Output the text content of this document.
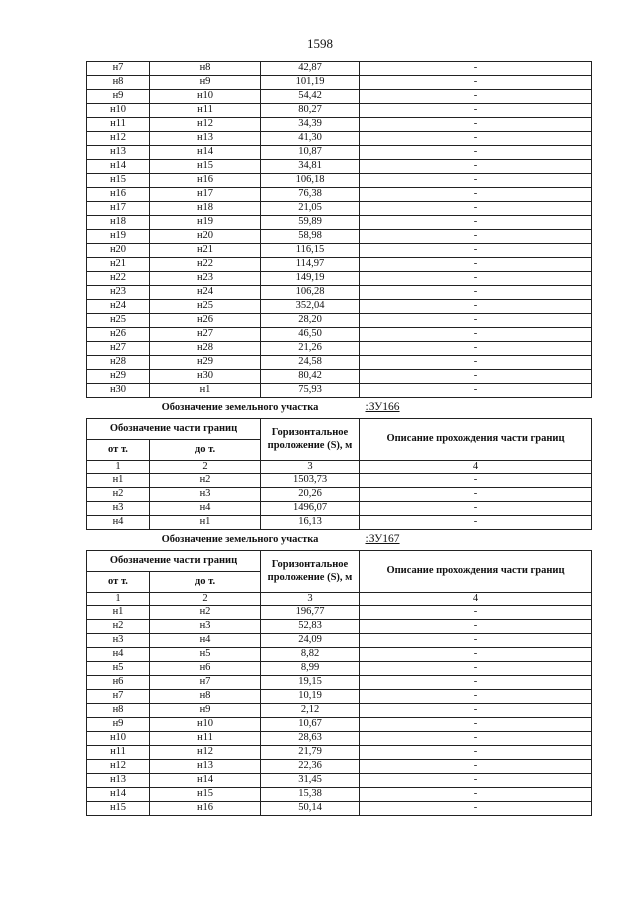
1598
н7	н8	42,87	-
н8	н9	101,19	-
н9	н10	54,42	-
н10	н11	80,27	-
н11	н12	34,39	-
н12	н13	41,30	-
н13	н14	10,87	-
н14	н15	34,81	-
н15	н16	106,18	-
н16	н17	76,38	-
н17	н18	21,05	-
н18	н19	59,89	-
н19	н20	58,98	-
н20	н21	116,15	-
н21	н22	114,97	-
н22	н23	149,19	-
н23	н24	106,28	-
н24	н25	352,04	-
н25	н26	28,20	-
н26	н27	46,50	-
н27	н28	21,26	-
н28	н29	24,58	-
н29	н30	80,42	-
н30	н1	75,93	-
Обозначение земельного участка			:ЗУ166
Обозначение части границ		Горизонтальное проложение (S), м	Описание прохождения части границ
от т.	до т.		
1	2	3	4
н1	н2	1503,73	-
н2	н3	20,26	-
н3	н4	1496,07	-
н4	н1	16,13	-
Обозначение земельного участка			:ЗУ167
Обозначение части границ		Горизонтальное проложение (S), м	Описание прохождения части границ
от т.	до т.		
1	2	3	4
н1	н2	196,77	-
н2	н3	52,83	-
н3	н4	24,09	-
н4	н5	8,82	-
н5	н6	8,99	-
н6	н7	19,15	-
н7	н8	10,19	-
н8	н9	2,12	-
н9	н10	10,67	-
н10	н11	28,63	-
н11	н12	21,79	-
н12	н13	22,36	-
н13	н14	31,45	-
н14	н15	15,38	-
н15	н16	50,14	-
